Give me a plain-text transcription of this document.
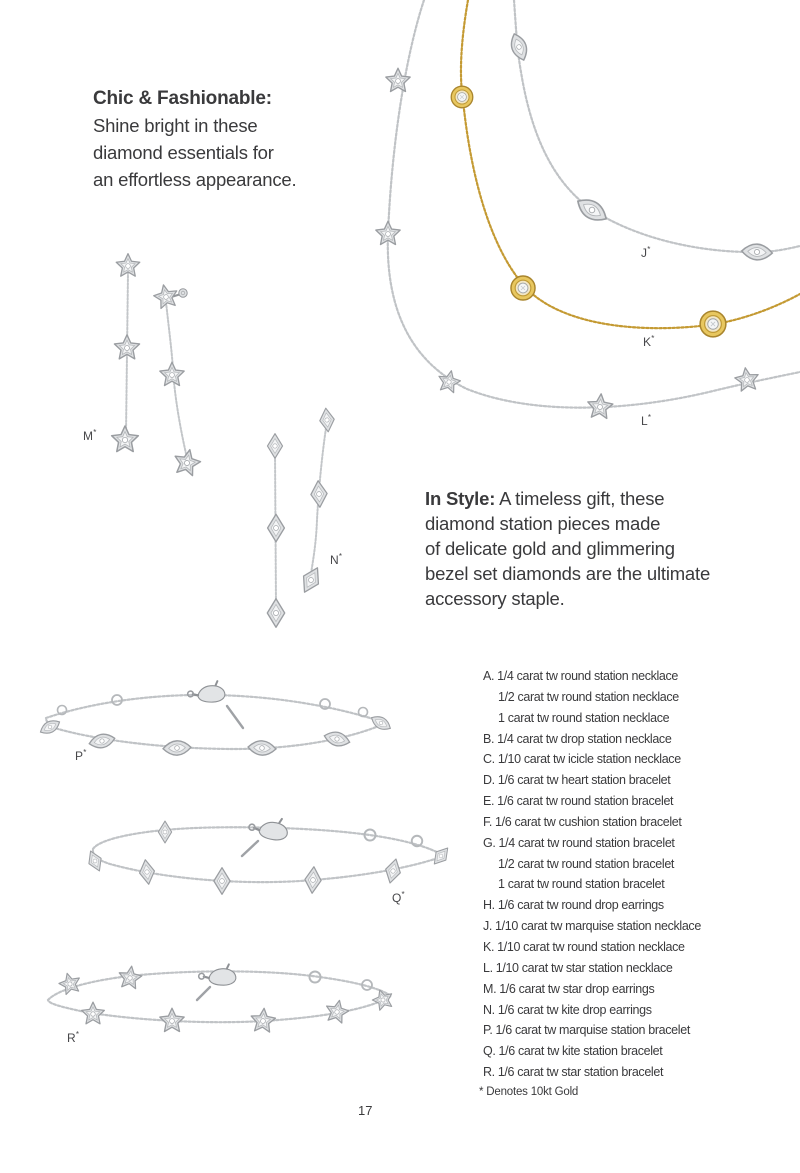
Chic & Fashionable:
Shine bright in these
diamond essentials for
an effortless appearance.
In Style: A timeless gift, these
diamond station pieces made
of delicate gold and glimmering
bezel set diamonds are the ultimate
accessory staple.
A. 1/4 carat tw round station necklace
1/2 carat tw round station necklace
1 carat tw round station necklace
B. 1/4 carat tw drop station necklace
C. 1/10 carat tw icicle station necklace
D. 1/6 carat tw heart station bracelet
E. 1/6 carat tw round station bracelet
F. 1/6 carat tw cushion station bracelet
G. 1/4 carat tw round station bracelet
1/2 carat tw round station bracelet
1 carat tw round station bracelet
H. 1/6 carat tw round drop earrings
J. 1/10 carat tw marquise station necklace
K. 1/10 carat tw round station necklace
L. 1/10 carat tw star station necklace
M. 1/6 carat tw star drop earrings
N. 1/6 carat tw kite drop earrings
P. 1/6 carat tw marquise station bracelet
Q. 1/6 carat tw kite station bracelet
R. 1/6 carat tw star station bracelet
* Denotes 10kt Gold
17
J*
K*
L*
M*
N*
P*
Q*
R*
